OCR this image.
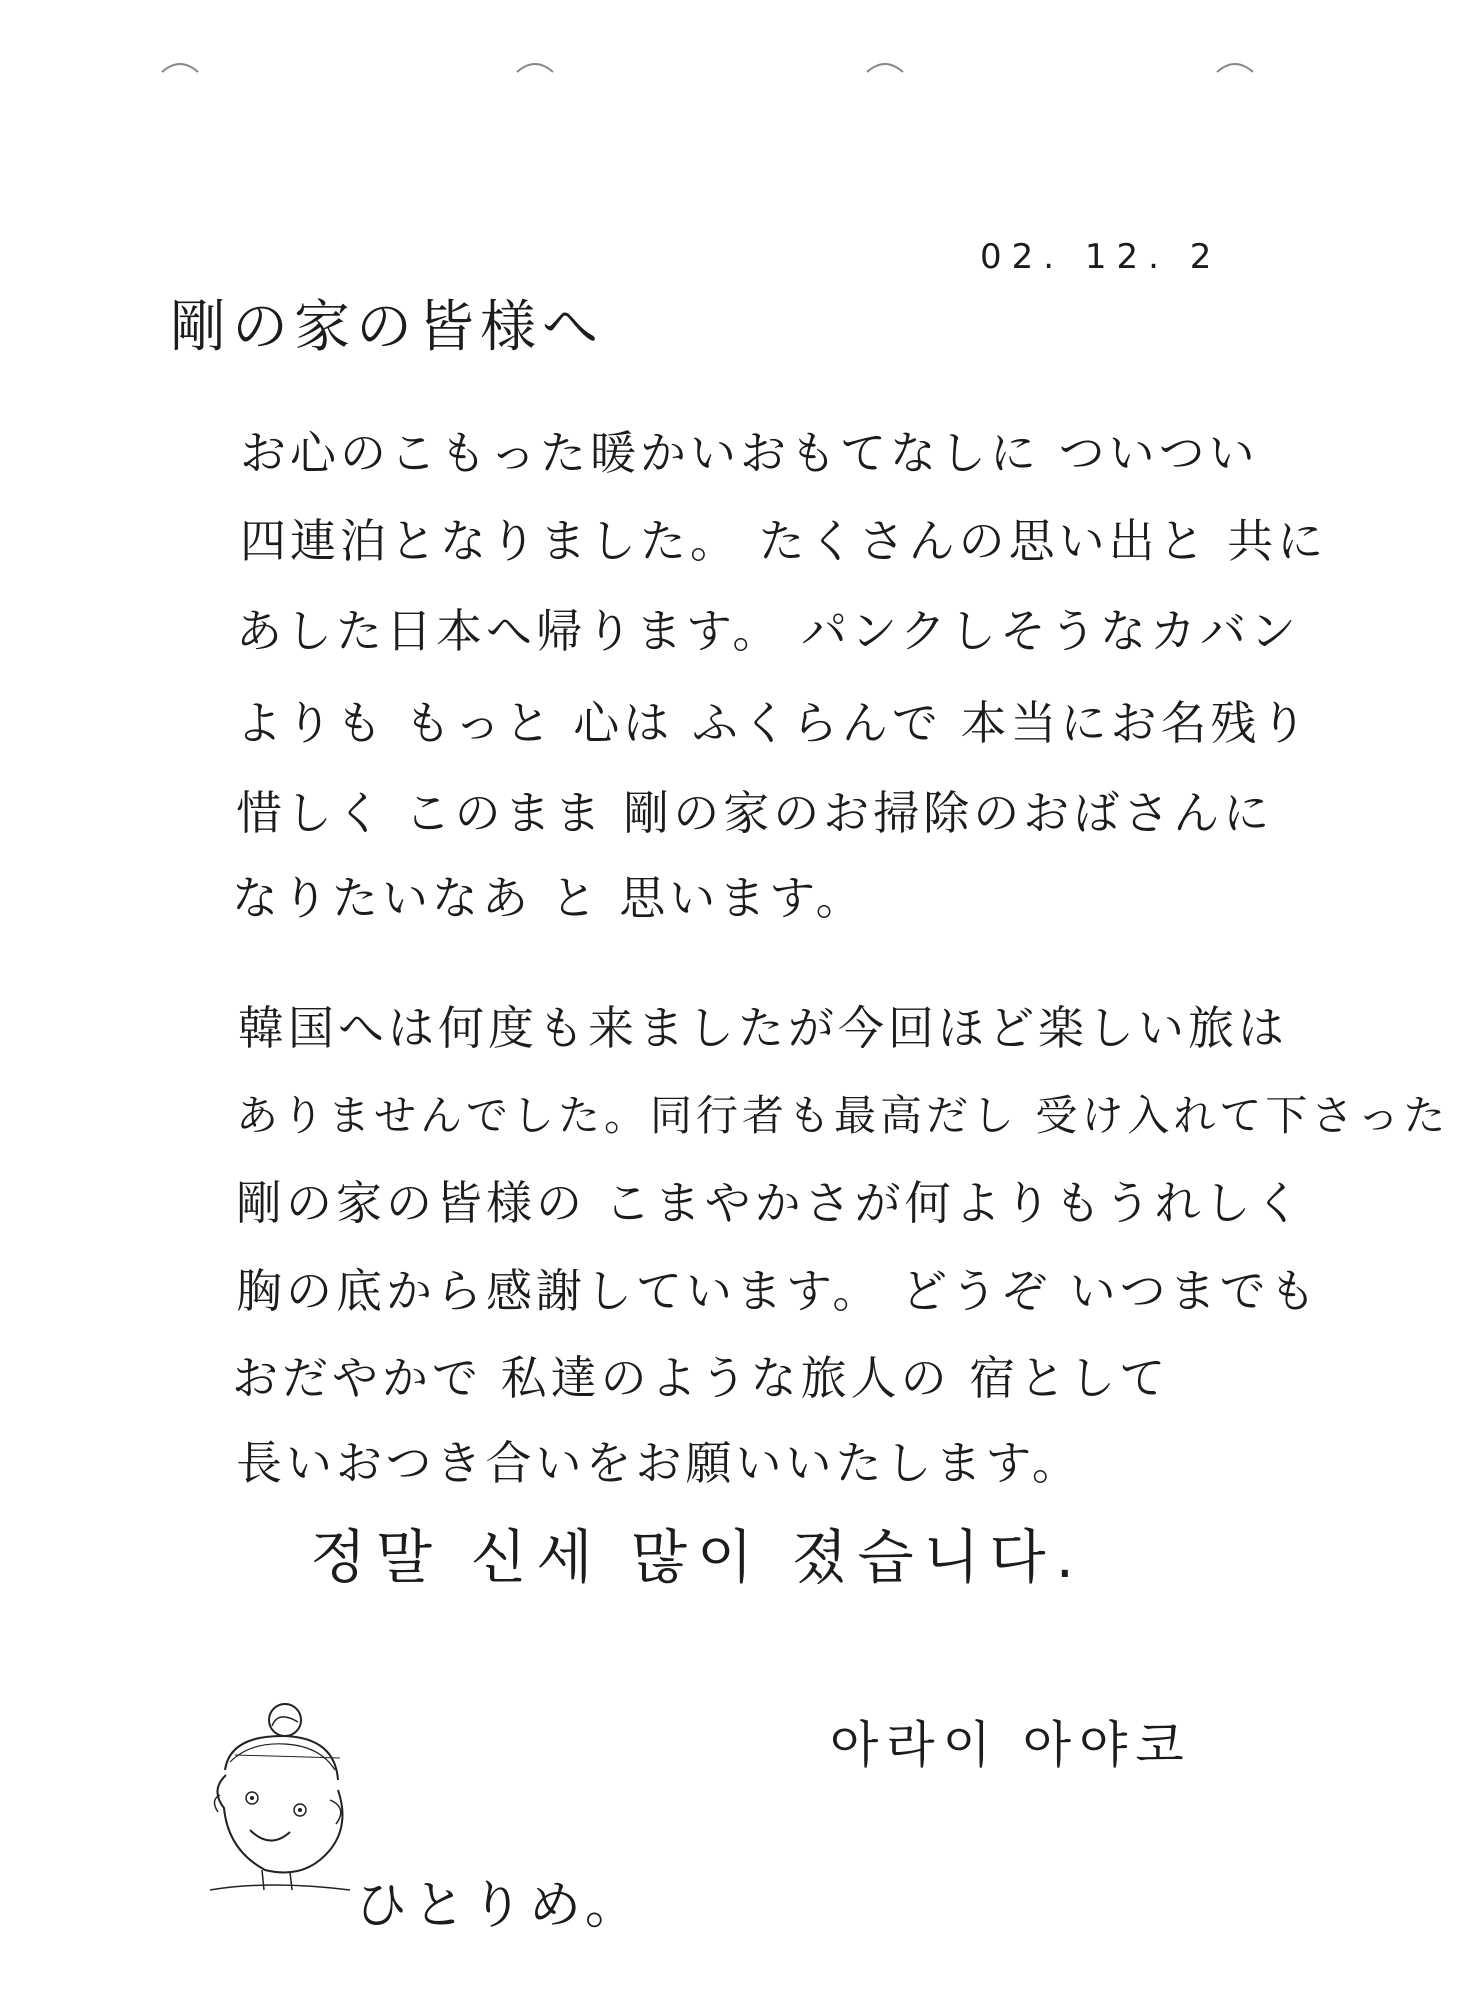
02. 12. 2
剛の家の皆様へ
お心のこもった暖かいおもてなしに ついつい
四連泊となりました。 たくさんの思い出と 共に
あした日本へ帰ります。 パンクしそうなカバン
よりも もっと 心は ふくらんで 本当にお名残り
惜しく このまま 剛の家のお掃除のおばさんに
なりたいなあ と 思います。
韓国へは何度も来ましたが今回ほど楽しい旅は
ありませんでした。同行者も最高だし 受け入れて下さった
剛の家の皆様の こまやかさが何よりもうれしく
胸の底から感謝しています。 どうぞ いつまでも
おだやかで 私達のような旅人の 宿として
長いおつき合いをお願いいたします。
정말 신세 많이 졌습니다.
아라이 아야코
ひとりめ。
